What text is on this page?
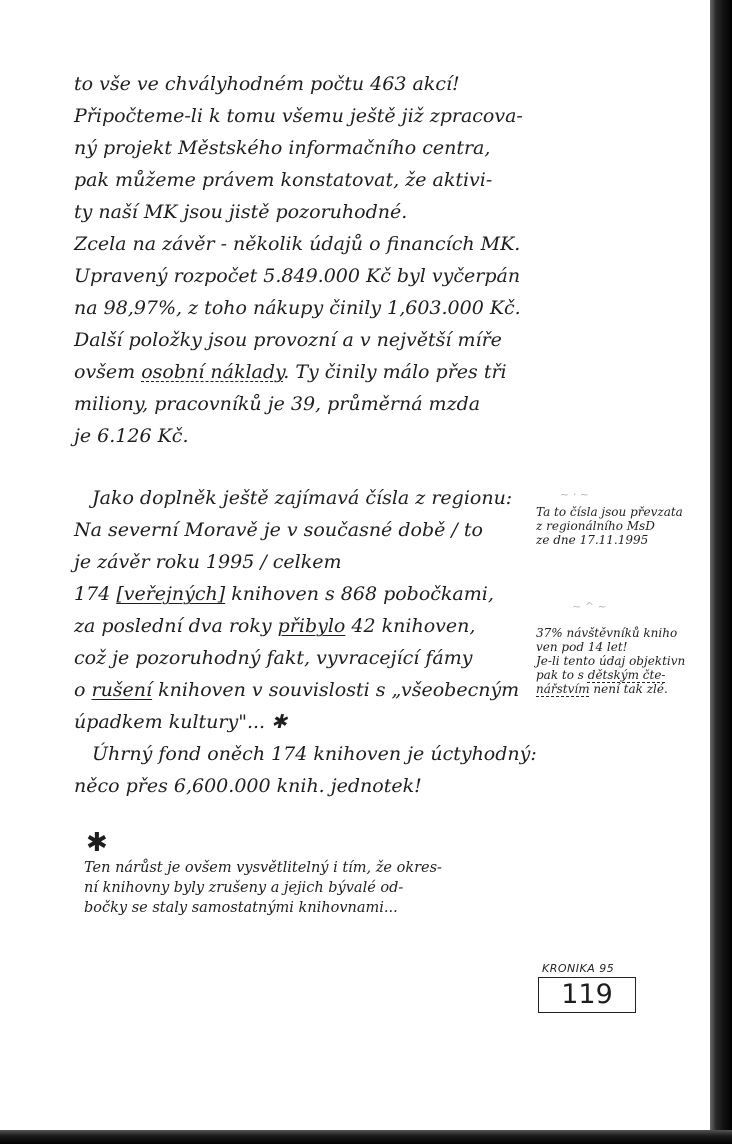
to vše ve chvályhodném počtu 463 akcí!
Připočteme-li k tomu všemu ještě již zpracova-
ný projekt Městského informačního centra,
pak můžeme právem konstatovat, že aktivi-
ty naší MK jsou jistě pozoruhodné.
Zcela na závěr - několik údajů o financích MK.
Upravený rozpočet 5.849.000 Kč byl vyčerpán
na 98,97%, z toho nákupy činily 1,603.000 Kč.
Další položky jsou provozní a v největší míře
ovšem osobní náklady. Ty činily málo přes tři
miliony, pracovníků je 39, průměrná mzda
je 6.126 Kč.
Jako doplněk ještě zajímavá čísla z regionu:
Na severní Moravě je v současné době / to
je závěr roku 1995 / celkem
174 [veřejných] knihoven s 868 pobočkami,
za poslední dva roky přibylo 42 knihoven,
což je pozoruhodný fakt, vyvracející fámy
o rušení knihoven v souvislosti s „všeobecným
úpadkem kultury"... ✱
Úhrný fond oněch 174 knihoven je úctyhodný:
něco přes 6,600.000 knih. jednotek!
✱
Ten nárůst je ovšem vysvětlitelný i tím, že okres-
ní knihovny byly zrušeny a jejich bývalé od-
bočky se staly samostatnými knihovnami...
~ · ~
Ta to čísla jsou převzata
z regionálního MsD
ze dne 17.11.1995
~ ^ ~
37% návštěvníků kniho
ven pod 14 let!
Je-li tento údaj objektivn
pak to s dětským čte-
nářstvím není tak zlé.
KRONIKA 95
119
